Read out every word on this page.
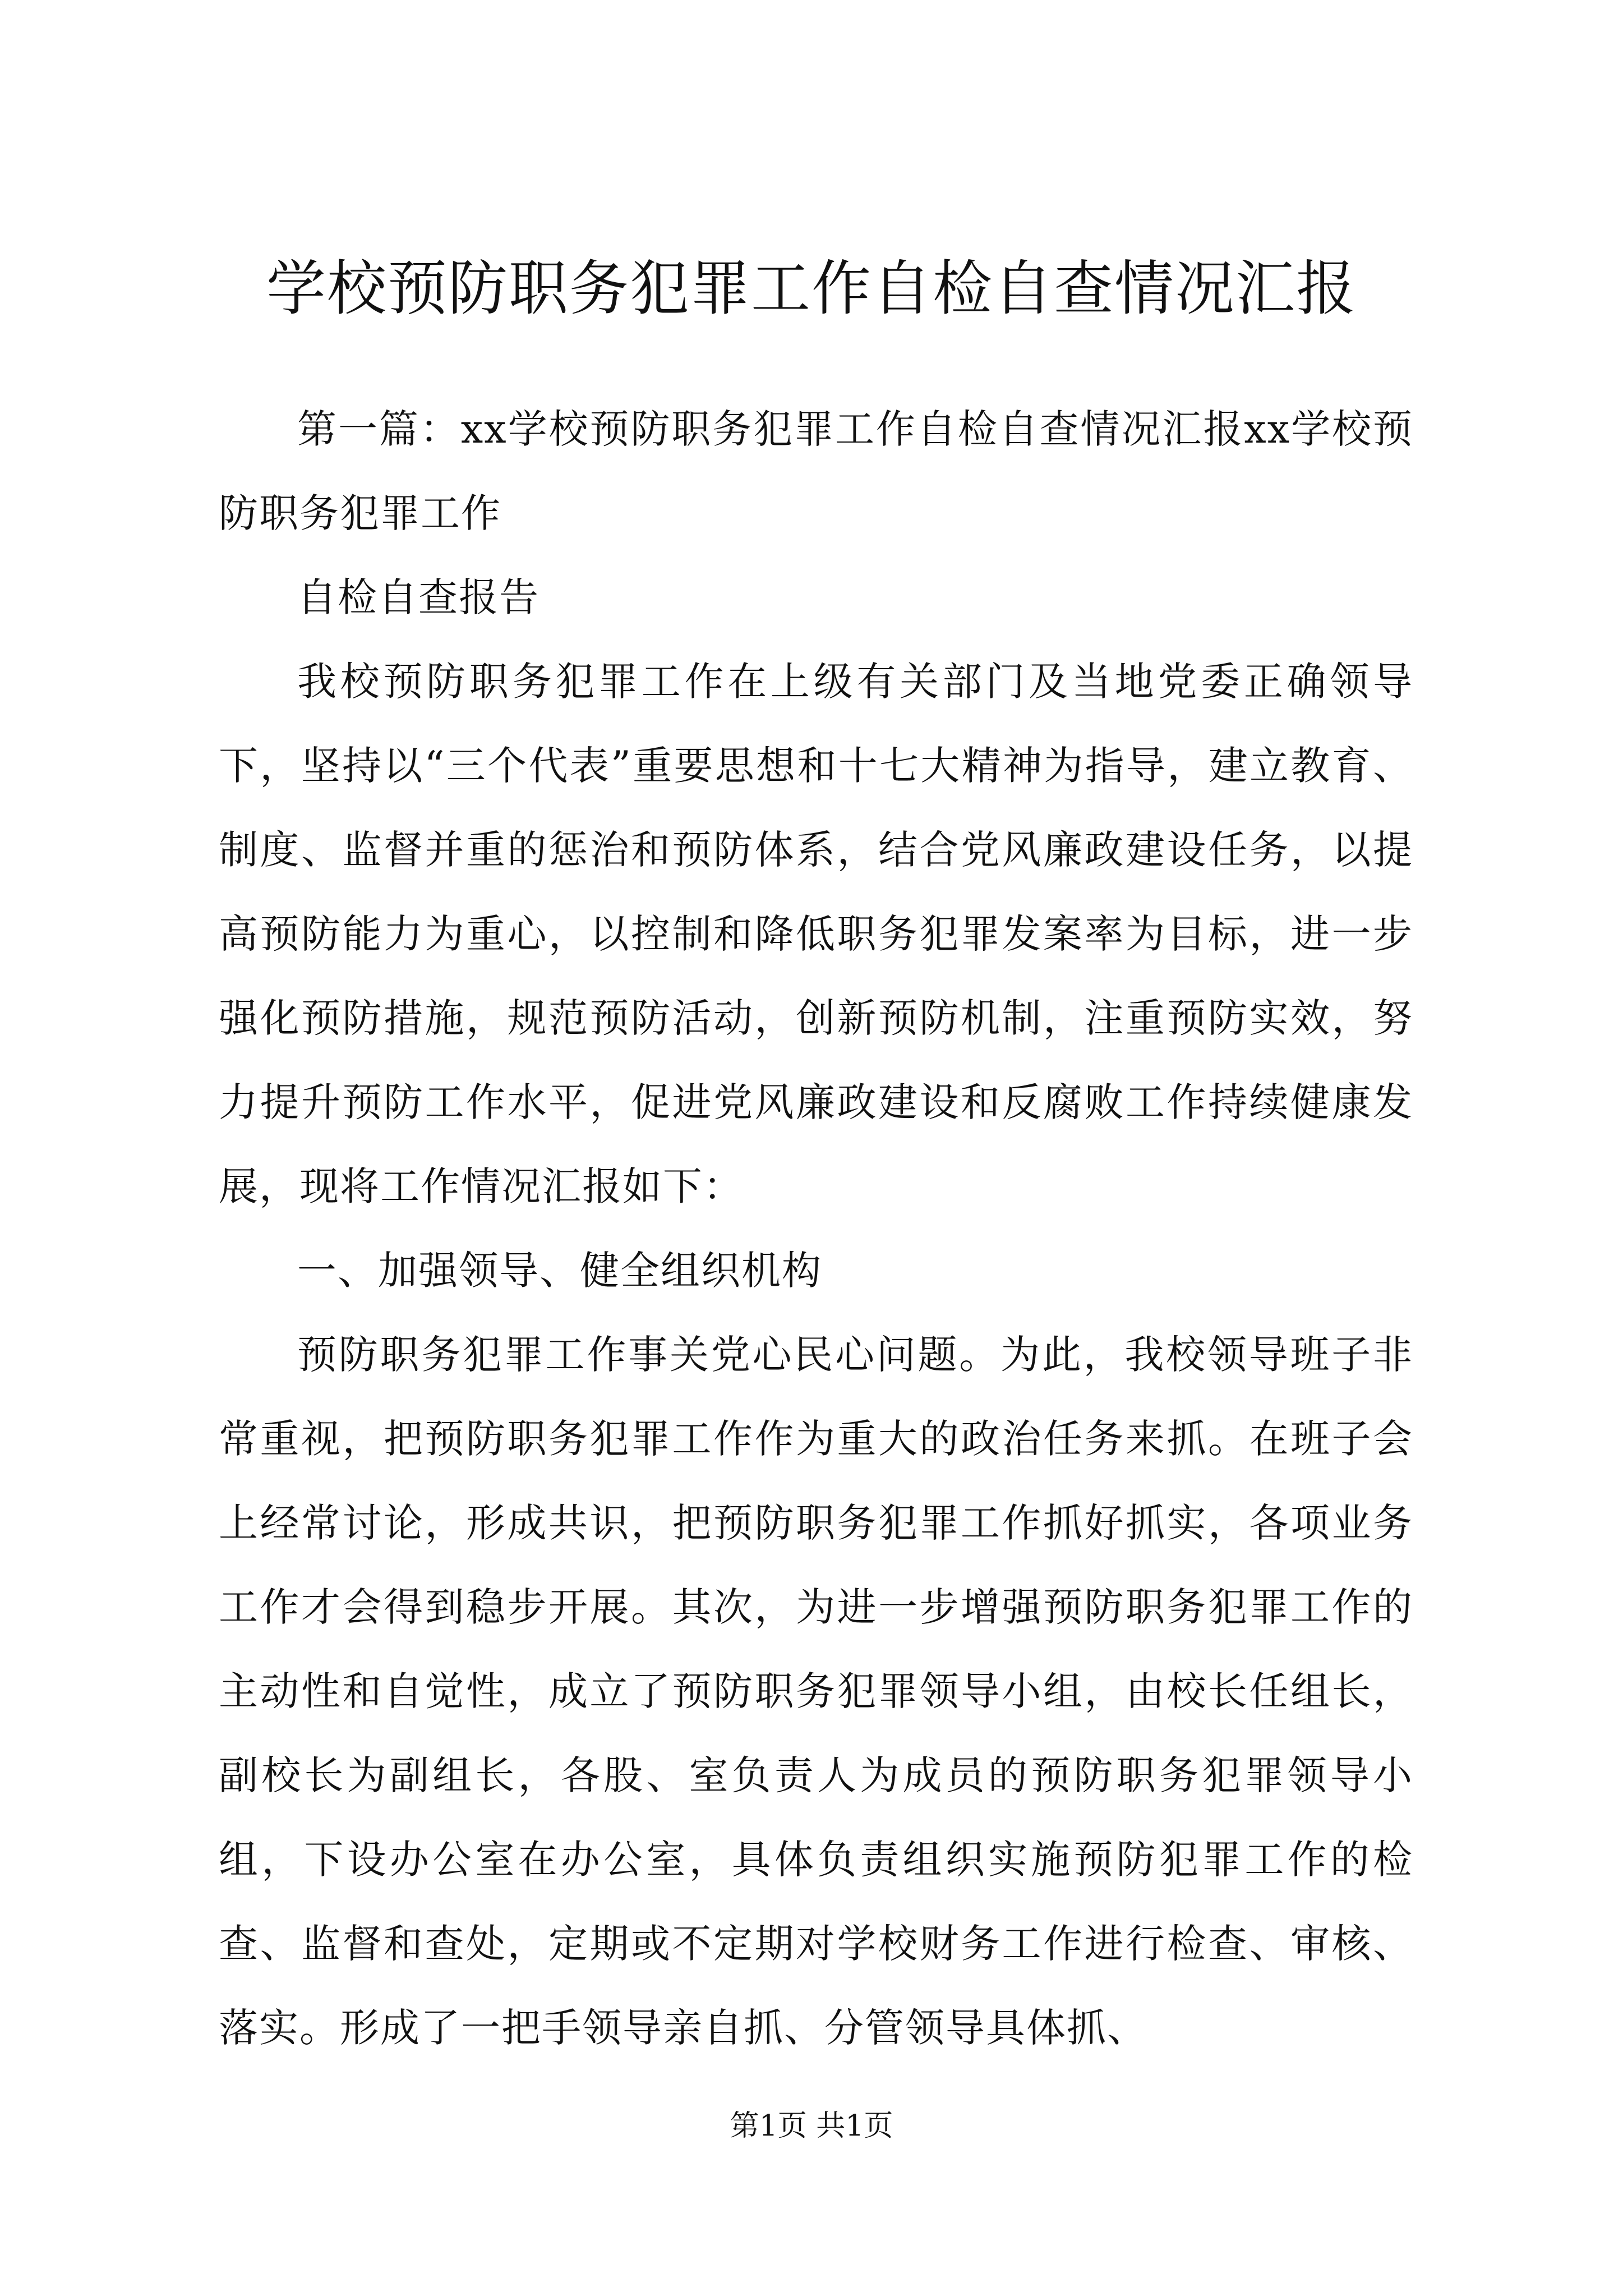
学校预防职务犯罪工作自检自查情况汇报

第一篇：xx学校预防职务犯罪工作自检自查情况汇报xx学校预防职务犯罪工作

自检自查报告

我校预防职务犯罪工作在上级有关部门及当地党委正确领导下，坚持以“三个代表”重要思想和十七大精神为指导，建立教育、制度、监督并重的惩治和预防体系，结合党风廉政建设任务，以提高预防能力为重心，以控制和降低职务犯罪发案率为目标，进一步强化预防措施，规范预防活动，创新预防机制，注重预防实效，努力提升预防工作水平，促进党风廉政建设和反腐败工作持续健康发展，现将工作情况汇报如下：

一、加强领导、健全组织机构

预防职务犯罪工作事关党心民心问题。为此，我校领导班子非常重视，把预防职务犯罪工作作为重大的政治任务来抓。在班子会上经常讨论，形成共识，把预防职务犯罪工作抓好抓实，各项业务工作才会得到稳步开展。其次，为进一步增强预防职务犯罪工作的主动性和自觉性，成立了预防职务犯罪领导小组，由校长任组长，副校长为副组长，各股、室负责人为成员的预防职务犯罪领导小组，下设办公室在办公室，具体负责组织实施预防犯罪工作的检查、监督和查处，定期或不定期对学校财务工作进行检查、审核、落实。形成了一把手领导亲自抓、分管领导具体抓、

第1页 共1页
